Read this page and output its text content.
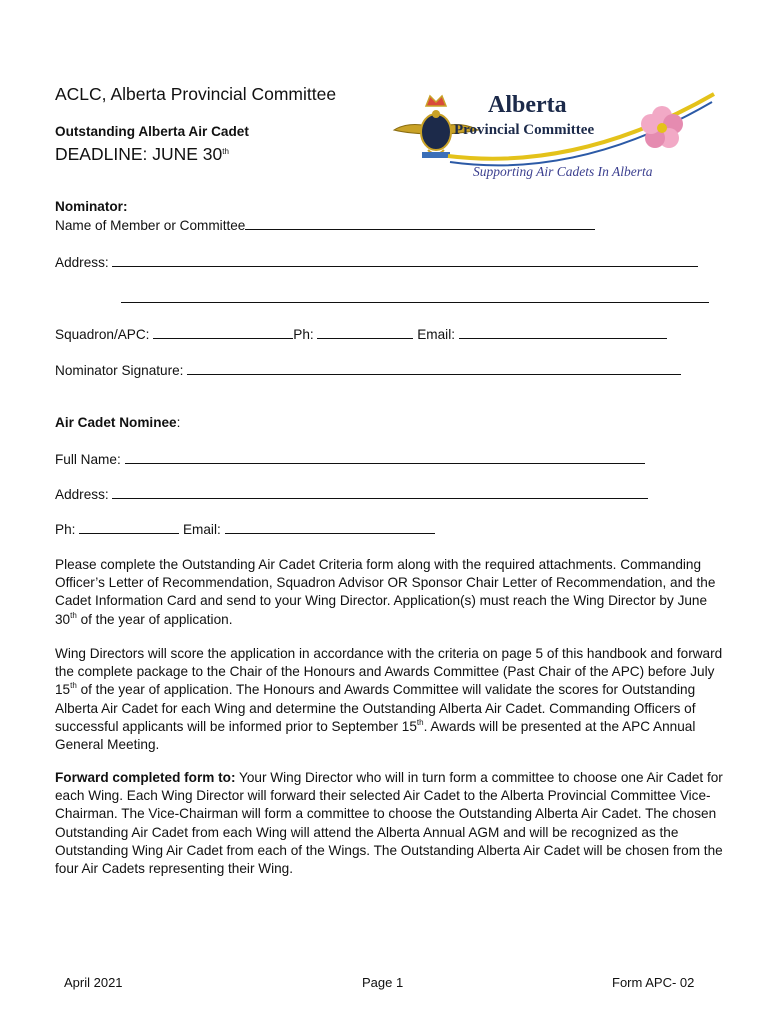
ACLC, Alberta Provincial Committee
Outstanding Alberta Air Cadet
DEADLINE: JUNE 30th
Alberta
Provincial Committee
Supporting Air Cadets In Alberta
Nominator:
Name of Member or Committee
Address:
Squadron/APC:	Ph:	Email:
Nominator Signature:
Air Cadet Nominee:
Full Name:
Address:
Ph:	Email:
Please complete the Outstanding Air Cadet Criteria form along with the required attachments. Commanding Officer’s Letter of Recommendation, Squadron Advisor OR Sponsor Chair Letter of Recommendation, and the Cadet Information Card and send to your Wing Director. Application(s) must reach the Wing Director by June 30th of the year of application.
Wing Directors will score the application in accordance with the criteria on page 5 of this handbook and forward the complete package to the Chair of the Honours and Awards Committee (Past Chair of the APC) before July 15th of the year of application. The Honours and Awards Committee will validate the scores for Outstanding Alberta Air Cadet for each Wing and determine the Outstanding Alberta Air Cadet. Commanding Officers of successful applicants will be informed prior to September 15th. Awards will be presented at the APC Annual General Meeting.
Forward completed form to: Your Wing Director who will in turn form a committee to choose one Air Cadet for each Wing. Each Wing Director will forward their selected Air Cadet to the Alberta Provincial Committee Vice-Chairman. The Vice-Chairman will form a committee to choose the Outstanding Alberta Air Cadet. The chosen Outstanding Air Cadet from each Wing will attend the Alberta Annual AGM and will be recognized as the Outstanding Wing Air Cadet from each of the Wings. The Outstanding Alberta Air Cadet will be chosen from the four Air Cadets representing their Wing.
April 2021	Page 1	Form APC- 02
